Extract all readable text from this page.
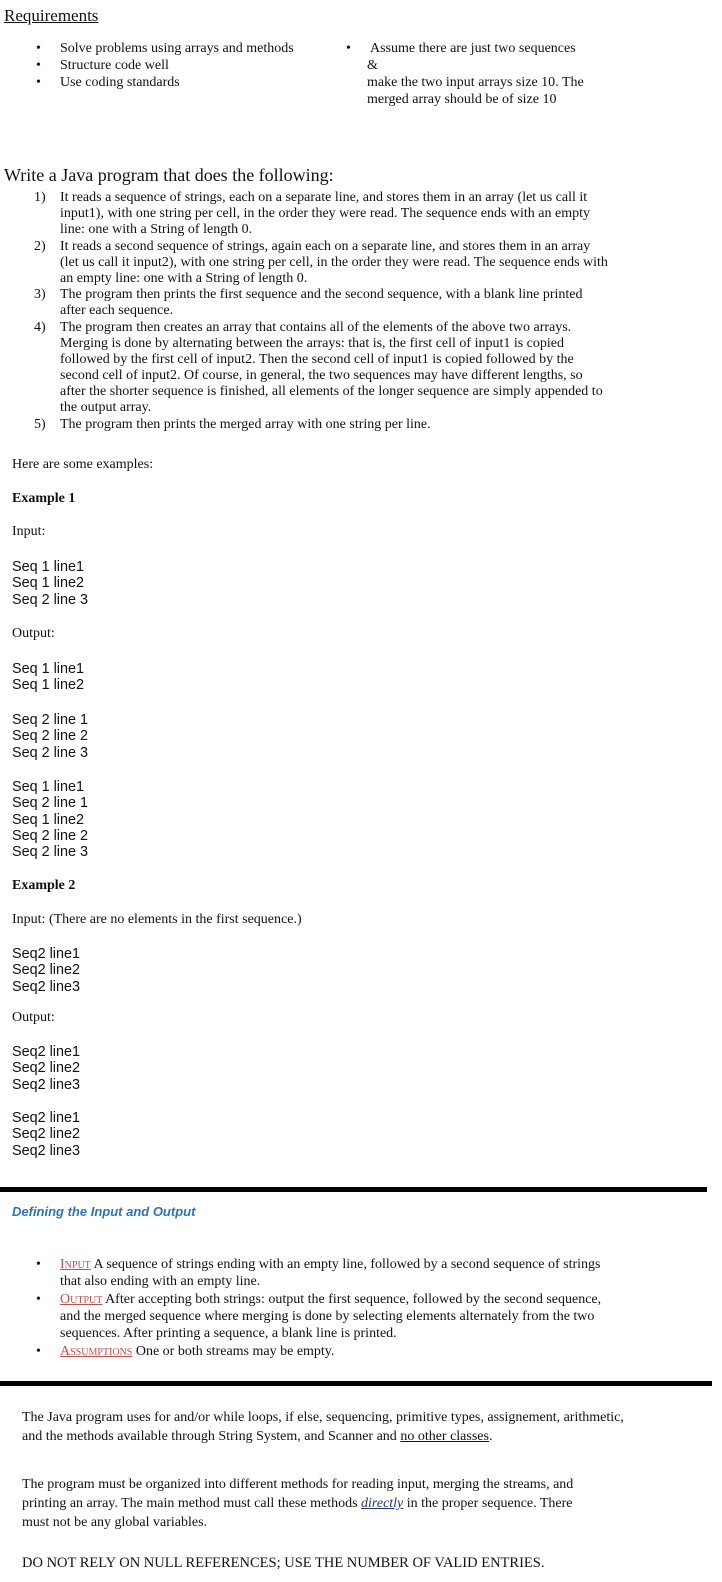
Requirements
• Solve problems using arrays and methods
• Structure code well
• Use coding standards
• Assume there are just two sequences
&
make the two input arrays size 10. The
merged array should be of size 10
Write a Java program that does the following:
1) It reads a sequence of strings, each on a separate line, and stores them in an array (let us call it
input1), with one string per cell, in the order they were read. The sequence ends with an empty
line: one with a String of length 0.
2) It reads a second sequence of strings, again each on a separate line, and stores them in an array
(let us call it input2), with one string per cell, in the order they were read. The sequence ends with
an empty line: one with a String of length 0.
3) The program then prints the first sequence and the second sequence, with a blank line printed
after each sequence.
4) The program then creates an array that contains all of the elements of the above two arrays.
Merging is done by alternating between the arrays: that is, the first cell of input1 is copied
followed by the first cell of input2. Then the second cell of input1 is copied followed by the
second cell of input2. Of course, in general, the two sequences may have different lengths, so
after the shorter sequence is finished, all elements of the longer sequence are simply appended to
the output array.
5) The program then prints the merged array with one string per line.
Here are some examples:
Example 1
Input:
Seq 1 line1
Seq 1 line2
Seq 2 line 3
Output:
Seq 1 line1
Seq 1 line2
Seq 2 line 1
Seq 2 line 2
Seq 2 line 3
Seq 1 line1
Seq 2 line 1
Seq 1 line2
Seq 2 line 2
Seq 2 line 3
Example 2
Input: (There are no elements in the first sequence.)
Seq2 line1
Seq2 line2
Seq2 line3
Output:
Seq2 line1
Seq2 line2
Seq2 line3
Seq2 line1
Seq2 line2
Seq2 line3
Defining the Input and Output
• Input A sequence of strings ending with an empty line, followed by a second sequence of strings
that also ending with an empty line.
• Output After accepting both strings: output the first sequence, followed by the second sequence,
and the merged sequence where merging is done by selecting elements alternately from the two
sequences. After printing a sequence, a blank line is printed.
• Assumptions One or both streams may be empty.
The Java program uses for and/or while loops, if else, sequencing, primitive types, assignement, arithmetic,
and the methods available through String System, and Scanner and no other classes.
The program must be organized into different methods for reading input, merging the streams, and
printing an array. The main method must call these methods directly in the proper sequence. There
must not be any global variables.
DO NOT RELY ON NULL REFERENCES; USE THE NUMBER OF VALID ENTRIES.
